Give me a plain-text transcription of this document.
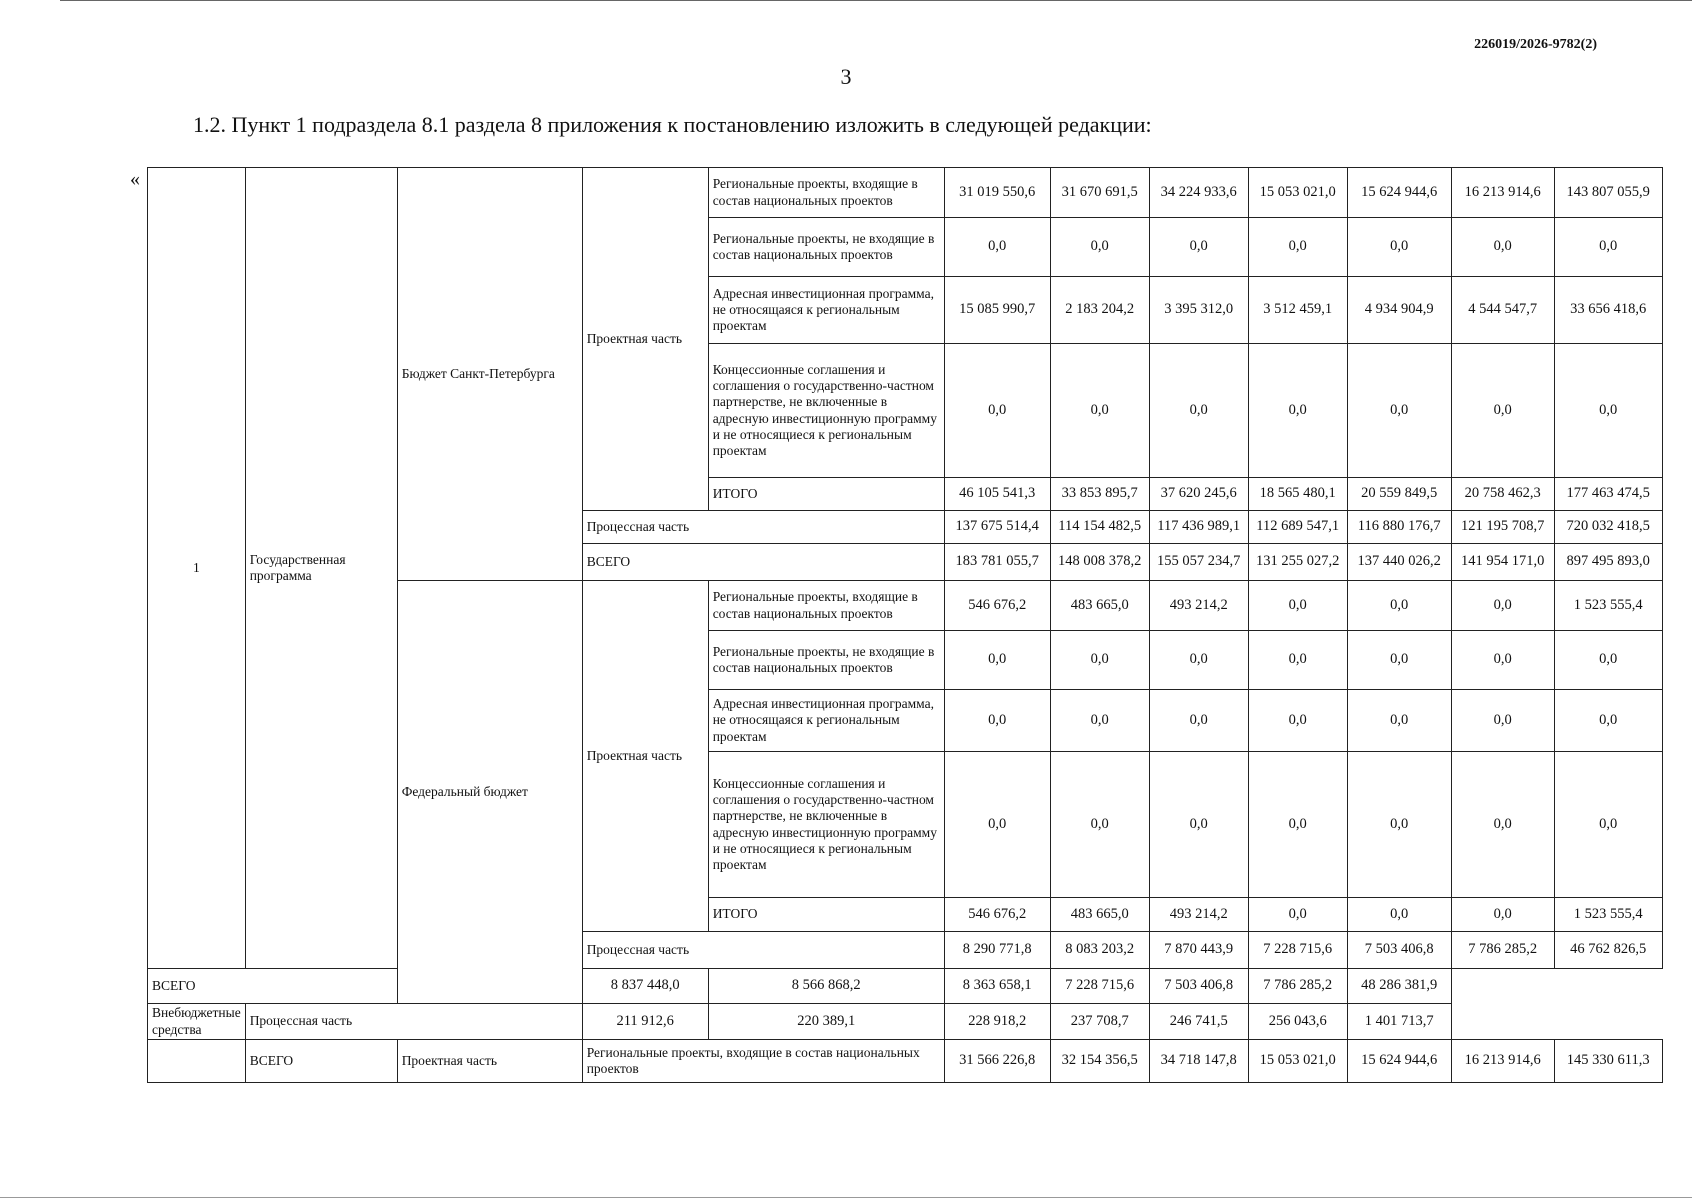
226019/2026-9782(2)
3
1.2. Пункт 1 подраздела 8.1 раздела 8 приложения к постановлению изложить в следующей редакции:
«
1	Государственная программа	Бюджет Санкт-Петербурга	Проектная часть	Региональные проекты, входящие в состав национальных проектов	31 019 550,6	31 670 691,5	34 224 933,6	15 053 021,0	15 624 944,6	16 213 914,6	143 807 055,9
				Региональные проекты, не входящие в состав национальных проектов	0,0	0,0	0,0	0,0	0,0	0,0	0,0
				Адресная инвестиционная программа, не относящаяся к региональным проектам	15 085 990,7	2 183 204,2	3 395 312,0	3 512 459,1	4 934 904,9	4 544 547,7	33 656 418,6
				Концессионные соглашения и соглашения о государственно-частном партнерстве, не включенные в адресную инвестиционную программу и не относящиеся к региональным проектам	0,0	0,0	0,0	0,0	0,0	0,0	0,0
				ИТОГО	46 105 541,3	33 853 895,7	37 620 245,6	18 565 480,1	20 559 849,5	20 758 462,3	177 463 474,5
			Процессная часть		137 675 514,4	114 154 482,5	117 436 989,1	112 689 547,1	116 880 176,7	121 195 708,7	720 032 418,5
			ВСЕГО		183 781 055,7	148 008 378,2	155 057 234,7	131 255 027,2	137 440 026,2	141 954 171,0	897 495 893,0
		Федеральный бюджет	Проектная часть	Региональные проекты, входящие в состав национальных проектов	546 676,2	483 665,0	493 214,2	0,0	0,0	0,0	1 523 555,4
				Региональные проекты, не входящие в состав национальных проектов	0,0	0,0	0,0	0,0	0,0	0,0	0,0
				Адресная инвестиционная программа, не относящаяся к региональным проектам	0,0	0,0	0,0	0,0	0,0	0,0	0,0
				Концессионные соглашения и соглашения о государственно-частном партнерстве, не включенные в адресную инвестиционную программу и не относящиеся к региональным проектам	0,0	0,0	0,0	0,0	0,0	0,0	0,0
				ИТОГО	546 676,2	483 665,0	493 214,2	0,0	0,0	0,0	1 523 555,4
			Процессная часть		8 290 771,8	8 083 203,2	7 870 443,9	7 228 715,6	7 503 406,8	7 786 285,2	46 762 826,5
ВСЕГО			8 837 448,0	8 566 868,2	8 363 658,1	7 228 715,6	7 503 406,8	7 786 285,2	48 286 381,9		
Внебюджетные средства	Процессная часть		211 912,6	220 389,1	228 918,2	237 708,7	246 741,5	256 043,6	1 401 713,7		
	ВСЕГО	Проектная часть	Региональные проекты, входящие в состав национальных проектов		31 566 226,8	32 154 356,5	34 718 147,8	15 053 021,0	15 624 944,6	16 213 914,6	145 330 611,3
